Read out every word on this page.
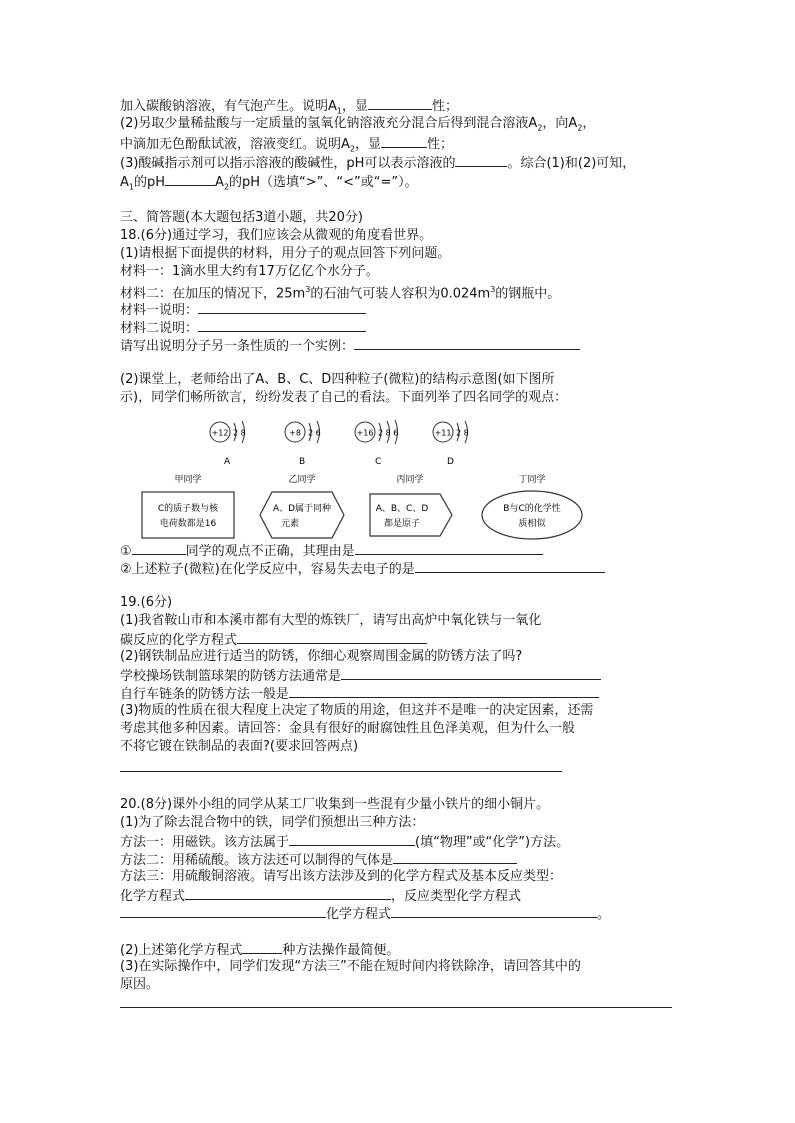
加入碳酸钠溶液，有气泡产生。说明$A_1$，显	性；
(2)另取少量稀盐酸与一定质量的氢氧化钠溶液充分混合后得到混合溶液$A_2$，向$A_2$，
中滴加无色酚酞试液，溶液变红。说明$A_2$，显	性；
(3)酸碱指示剂可以指示溶液的酸碱性，pH可以表示溶液的	。综合(1)和(2)可知，
$A_1$的pH	$A_2$的pH（选填“>”、“<”或“=”）。
三、简答题(本大题包括3道小题，共20分)
18.(6分)通过学习，我们应该会从微观的角度看世界。
(1)请根据下面提供的材料，用分子的观点回答下列问题。
材料一：1滴水里大约有17万亿亿个水分子。
材料二：在加压的情况下，$25m^3$的石油气可装人容积为$0.024m^3$的钢瓶中。
材料一说明：
材料二说明：
请写出说明分子另一条性质的一个实例：
(2)课堂上，老师给出了A、B、C、D四种粒子(微粒)的结构示意图(如下图所
示)，同学们畅所欲言，纷纷发表了自己的看法。下面列举了四名同学的观点：
+12 2 8
A
+8 2 6
B
+16 2 8 6
C
+11 2 8
D
甲同学
C的质子数与核
电荷数都是16
乙同学
A、D属于同种
元素
丙同学
A、B、C、D
都是原子
丁同学
B与C的化学性
质相似
①	同学的观点不正确，其理由是
②上述粒子(微粒)在化学反应中，容易失去电子的是
19.(6分)
(1)我省鞍山市和本溪市都有大型的炼铁厂，请写出高炉中氧化铁与一氧化
碳反应的化学方程式
(2)钢铁制品应进行适当的防锈，你细心观察周围金属的防锈方法了吗?
学校操场铁制篮球架的防锈方法通常是
自行车链条的防锈方法一般是
(3)物质的性质在很大程度上决定了物质的用途，但这并不是唯一的决定因素，还需
考虑其他多种因素。请回答：金具有很好的耐腐蚀性且色泽美观，但为什么一般
不将它镀在铁制品的表面?(要求回答两点)
20.(8分)课外小组的同学从某工厂收集到一些混有少量小铁片的细小铜片。
(1)为了除去混合物中的铁，同学们预想出三种方法：
方法一：用磁铁。该方法属于	(填“物理”或“化学”)方法。
方法二：用稀硫酸。该方法还可以制得的气体是
方法三：用硫酸铜溶液。请写出该方法涉及到的化学方程式及基本反应类型：
化学方程式	，反应类型化学方程式
化学方程式	。
(2)上述第化学方程式	种方法操作最简便。
(3)在实际操作中，同学们发现“方法三”不能在短时间内将铁除净，请回答其中的
原因。
